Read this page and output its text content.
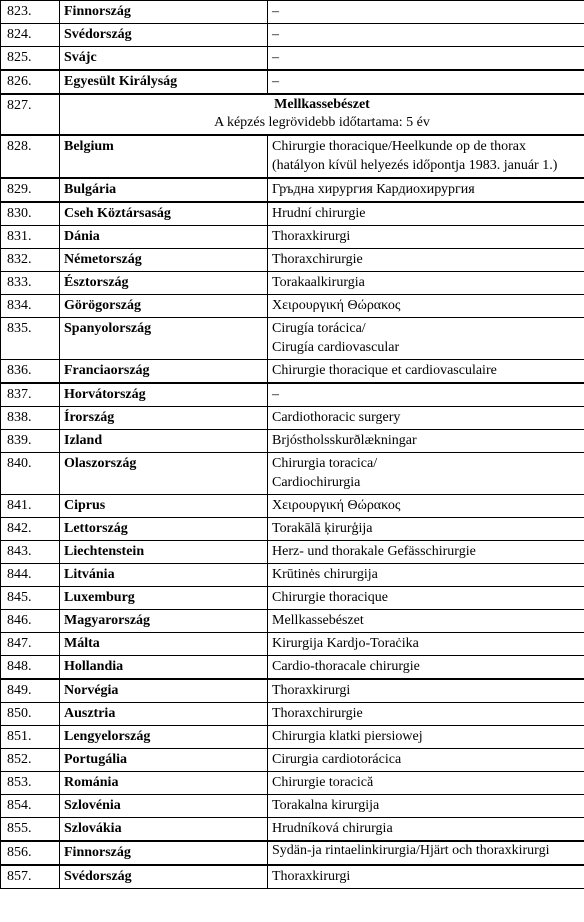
823.	Finnország	–
824.	Svédország	–
825.	Svájc	–
826.	Egyesült Királyság	–
827.	Mellkassebészet
A képzés legrövidebb időtartama: 5 év	

828.	Belgium	Chirurgie thoracique/Heelkunde op de thorax (hatályon kívül helyezés időpontja 1983. január 1.)
829.	Bulgária	Гръдна хирургия Кардиохирургия
830.	Cseh Köztársaság	Hrudní chirurgie
831.	Dánia	Thoraxkirurgi
832.	Németország	Thoraxchirurgie
833.	Észtország	Torakaalkirurgia
834.	Görögország	Χειρουργική Θώρακος
835.	Spanyolország	Cirugía torácica/
Cirugía cardiovascular
836.	Franciaország	Chirurgie thoracique et cardiovasculaire
837.	Horvátország	–
838.	Írország	Cardiothoracic surgery
839.	Izland	Brjóstholsskurðlækningar
840.	Olaszország	Chirurgia toracica/
Cardiochirurgia
841.	Ciprus	Χειρουργική Θώρακος
842.	Lettország	Torakālā ķirurģija
843.	Liechtenstein	Herz- und thorakale Gefässchirurgie
844.	Litvánia	Krūtinės chirurgija
845.	Luxemburg	Chirurgie thoracique
846.	Magyarország	Mellkassebészet
847.	Málta	Kirurgija Kardjo-Toraċika
848.	Hollandia	Cardio-thoracale chirurgie
849.	Norvégia	Thoraxkirurgi
850.	Ausztria	Thoraxchirurgie
851.	Lengyelország	Chirurgia klatki piersiowej
852.	Portugália	Cirurgia cardiotorácica
853.	Románia	Chirurgie toracică
854.	Szlovénia	Torakalna kirurgija
855.	Szlovákia	Hrudníková chirurgia
856.	Finnország	Sydän-ja rintaelinkirurgia/Hjärt och thoraxkirurgi
857.	Svédország	Thoraxkirurgi
